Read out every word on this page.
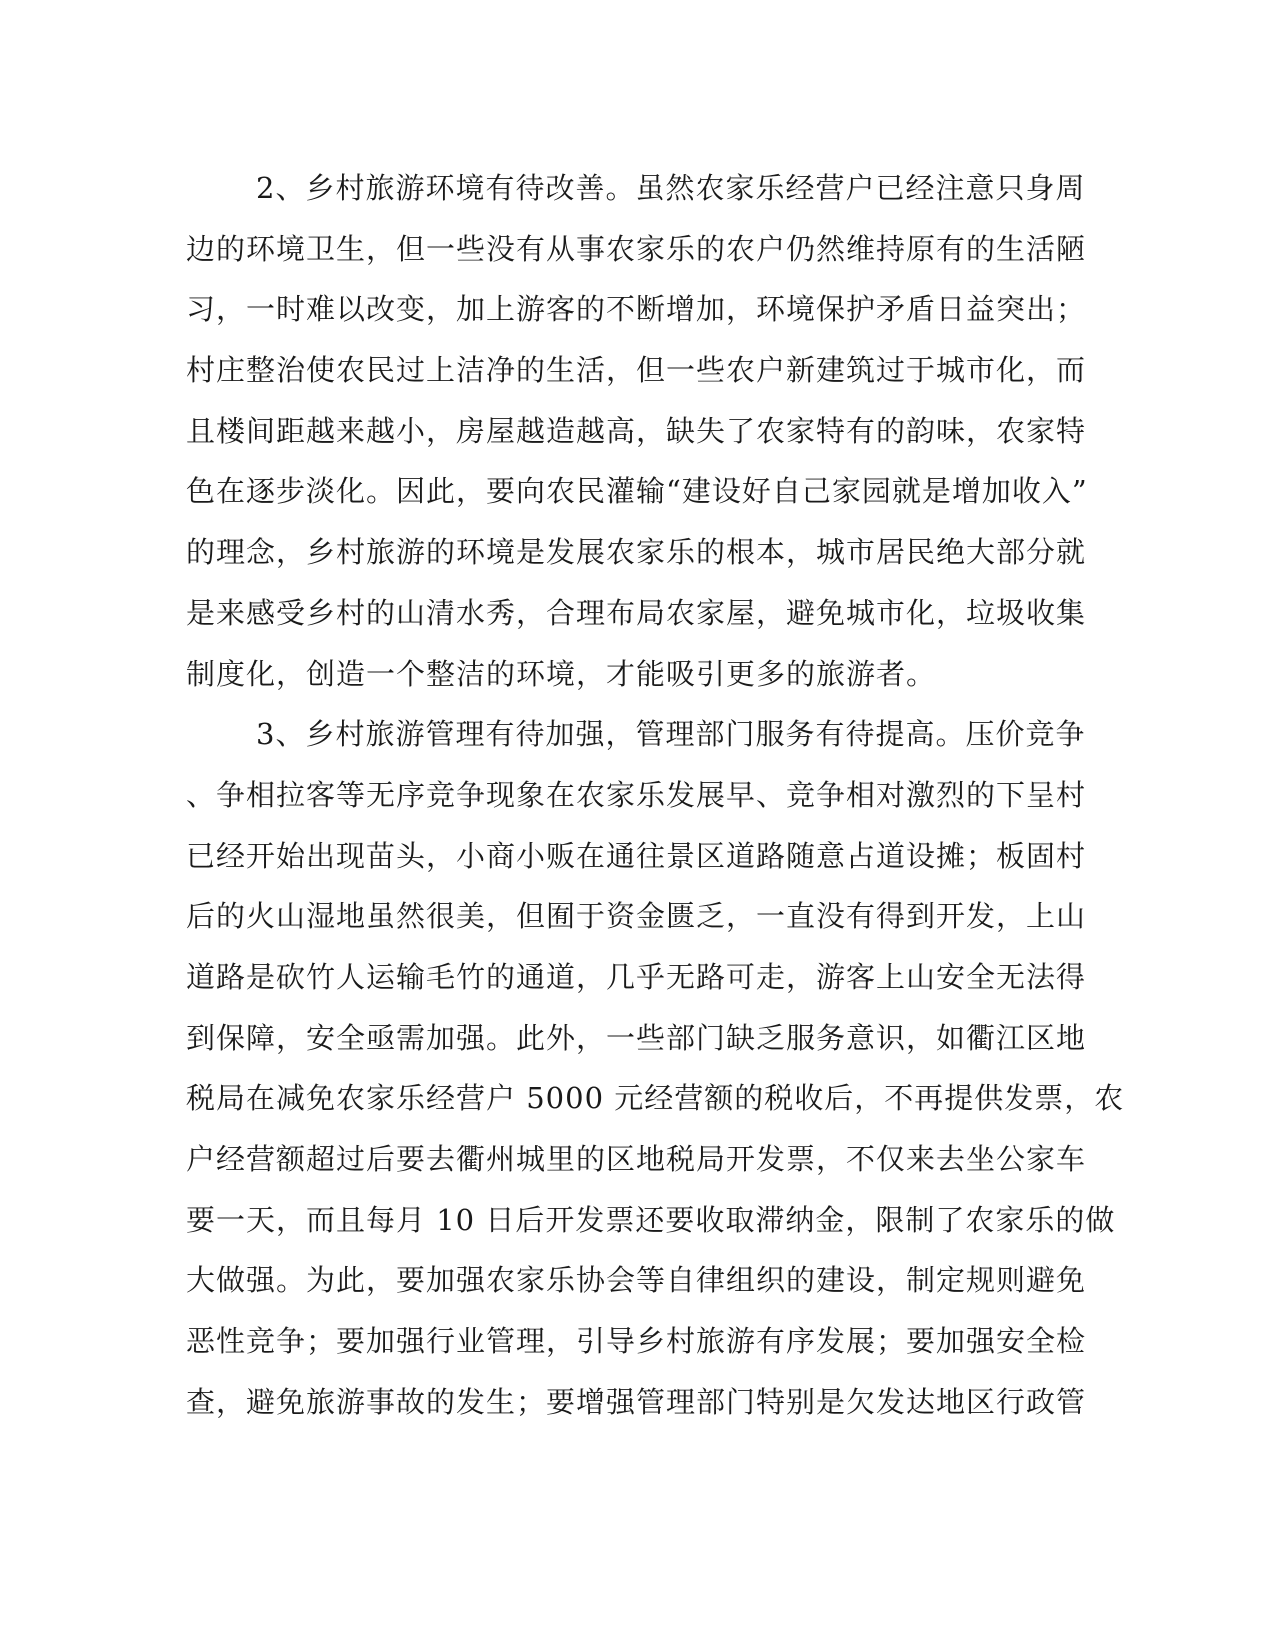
2、乡村旅游环境有待改善。虽然农家乐经营户已经注意只身周
边的环境卫生，但一些没有从事农家乐的农户仍然维持原有的生活陋
习，一时难以改变，加上游客的不断增加，环境保护矛盾日益突出；
村庄整治使农民过上洁净的生活，但一些农户新建筑过于城市化，而
且楼间距越来越小，房屋越造越高，缺失了农家特有的韵味，农家特
色在逐步淡化。因此，要向农民灌输“建设好自己家园就是增加收入”
的理念，乡村旅游的环境是发展农家乐的根本，城市居民绝大部分就
是来感受乡村的山清水秀，合理布局农家屋，避免城市化，垃圾收集
制度化，创造一个整洁的环境，才能吸引更多的旅游者。
3、乡村旅游管理有待加强，管理部门服务有待提高。压价竞争
、争相拉客等无序竞争现象在农家乐发展早、竞争相对激烈的下呈村
已经开始出现苗头，小商小贩在通往景区道路随意占道设摊；板固村
后的火山湿地虽然很美，但囿于资金匮乏，一直没有得到开发，上山
道路是砍竹人运输毛竹的通道，几乎无路可走，游客上山安全无法得
到保障，安全亟需加强。此外，一些部门缺乏服务意识，如衢江区地
税局在减免农家乐经营户 5000 元经营额的税收后，不再提供发票，农
户经营额超过后要去衢州城里的区地税局开发票，不仅来去坐公家车
要一天，而且每月 10 日后开发票还要收取滞纳金，限制了农家乐的做
大做强。为此，要加强农家乐协会等自律组织的建设，制定规则避免
恶性竞争；要加强行业管理，引导乡村旅游有序发展；要加强安全检
查，避免旅游事故的发生；要增强管理部门特别是欠发达地区行政管
